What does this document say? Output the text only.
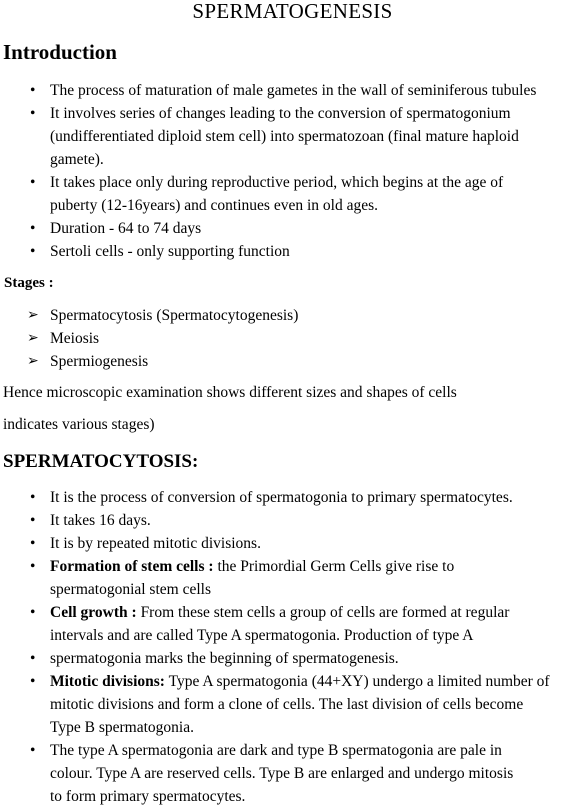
SPERMATOGENESIS
Introduction
• The process of maturation of male gametes in the wall of seminiferous tubules
• It involves series of changes leading to the conversion of spermatogonium
(undifferentiated diploid stem cell) into spermatozoan (final mature haploid
gamete).
• It takes place only during reproductive period, which begins at the age of
puberty (12-16years) and continues even in old ages.
• Duration - 64 to 74 days
• Sertoli cells - only supporting function
Stages :
➢ Spermatocytosis (Spermatocytogenesis)
➢ Meiosis
➢ Spermiogenesis
Hence microscopic examination shows different sizes and shapes of cells
indicates various stages)
SPERMATOCYTOSIS:
• It is the process of conversion of spermatogonia to primary spermatocytes.
• It takes 16 days.
• It is by repeated mitotic divisions.
• Formation of stem cells : the Primordial Germ Cells give rise to
spermatogonial stem cells
• Cell growth : From these stem cells a group of cells are formed at regular
intervals and are called Type A spermatogonia. Production of type A
• spermatogonia marks the beginning of spermatogenesis.
• Mitotic divisions: Type A spermatogonia (44+XY) undergo a limited number of
mitotic divisions and form a clone of cells. The last division of cells become
Type B spermatogonia.
• The type A spermatogonia are dark and type B spermatogonia are pale in
colour. Type A are reserved cells. Type B are enlarged and undergo mitosis
to form primary spermatocytes.
